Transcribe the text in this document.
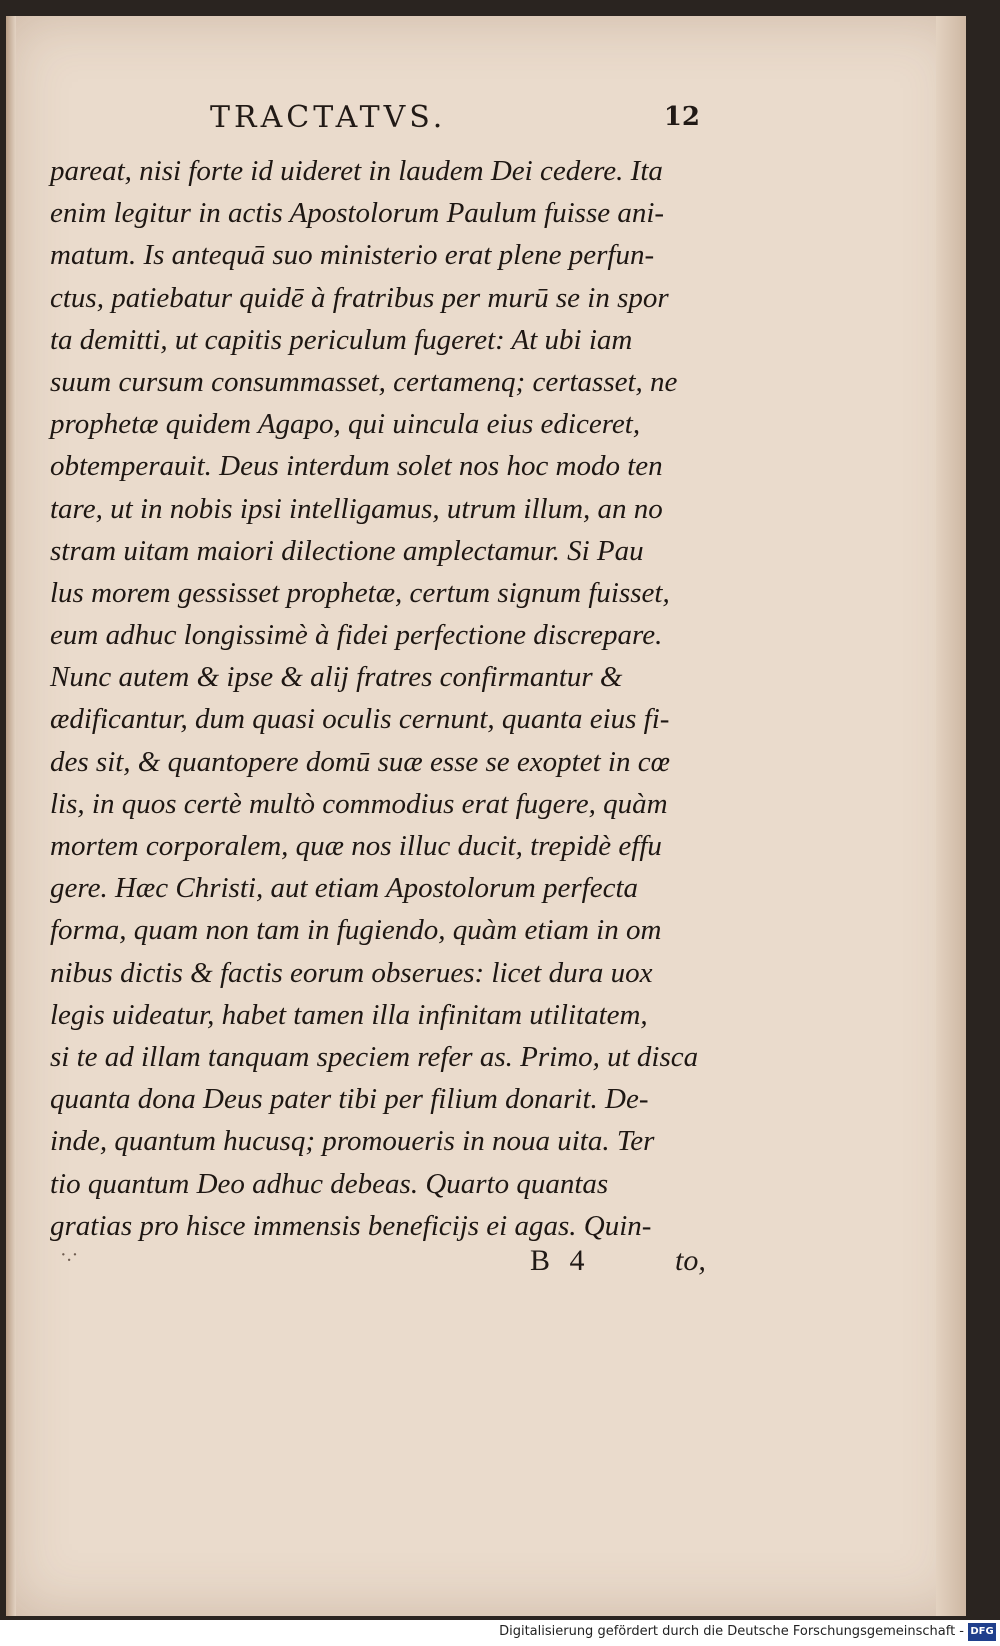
TRACTATVS.	12
pareat, nisi forte id uideret in laudem Dei cedere. Ita
enim legitur in actis Apostolorum Paulum fuisse ani-
matum. Is antequā suo ministerio erat plene perfun-
ctus, patiebatur quidē à fratribus per murū se in spor
ta demitti, ut capitis periculum fugeret: At ubi iam
suum cursum consummasset, certamenq; certasset, ne
prophetæ quidem Agapo, qui uincula eius ediceret,
obtemperauit. Deus interdum solet nos hoc modo ten
tare, ut in nobis ipsi intelligamus, utrum illum, an no
stram uitam maiori dilectione amplectamur. Si Pau
lus morem gessisset prophetæ, certum signum fuisset,
eum adhuc longissimè à fidei perfectione discrepare.
Nunc autem & ipse & alij fratres confirmantur &
ædificantur, dum quasi oculis cernunt, quanta eius fi-
des sit, & quantopere domū suæ esse se exoptet in cœ
lis, in quos certè multò commodius erat fugere, quàm
mortem corporalem, quæ nos illuc ducit, trepidè effu
gere. Hæc Christi, aut etiam Apostolorum perfecta
forma, quam non tam in fugiendo, quàm etiam in om
nibus dictis & factis eorum obserues: licet dura uox
legis uideatur, habet tamen illa infinitam utilitatem,
si te ad illam tanquam speciem refer as. Primo, ut disca
quanta dona Deus pater tibi per filium donarit. De-
inde, quantum hucusq; promoueris in noua uita. Ter
tio quantum Deo adhuc debeas. Quarto quantas
gratias pro hisce immensis beneficijs ei agas. Quin-
·.·	B 4	to,
Digitalisierung gefördert durch die Deutsche Forschungsgemeinschaft - DFG
